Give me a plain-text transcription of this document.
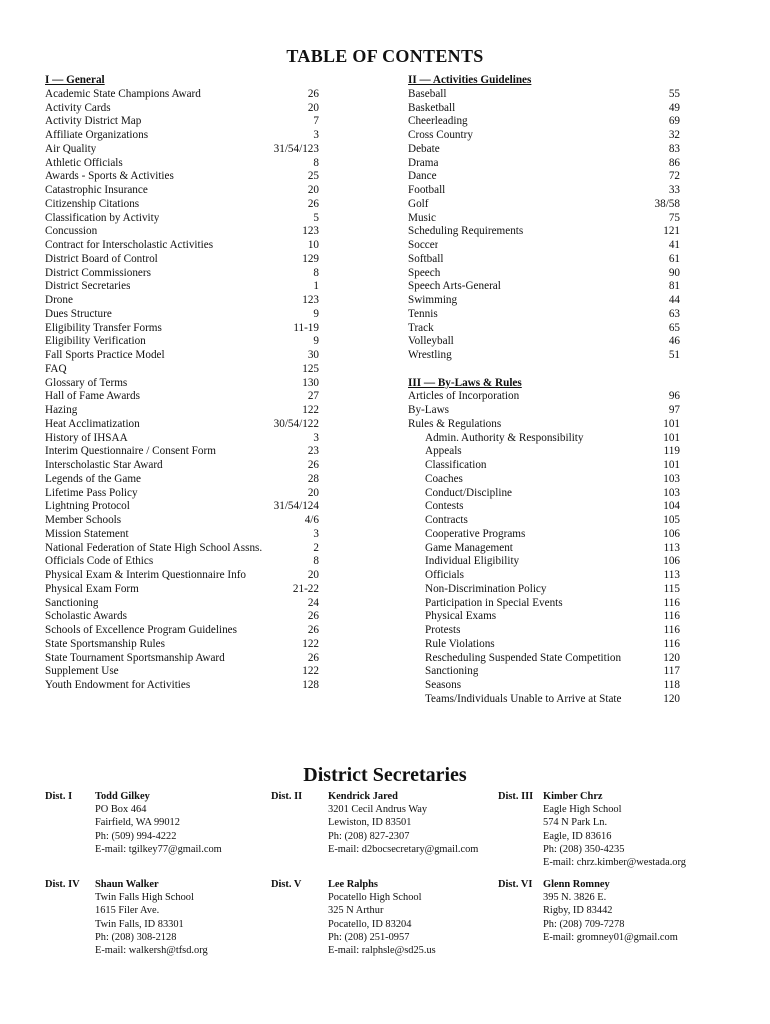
TABLE OF CONTENTS
I — General
Academic State Champions Award	26
Activity Cards	20
Activity District Map	7
Affiliate Organizations	3
Air Quality	31/54/123
Athletic Officials	8
Awards - Sports & Activities	25
Catastrophic Insurance	20
Citizenship Citations	26
Classification by Activity	5
Concussion	123
Contract for Interscholastic Activities	10
District Board of Control	129
District Commissioners	8
District Secretaries	1
Drone	123
Dues Structure	9
Eligibility Transfer Forms	11-19
Eligibility Verification	9
Fall Sports Practice Model	30
FAQ	125
Glossary of Terms	130
Hall of Fame Awards	27
Hazing	122
Heat Acclimatization	30/54/122
History of IHSAA	3
Interim Questionnaire / Consent Form	23
Interscholastic Star Award	26
Legends of the Game	28
Lifetime Pass Policy	20
Lightning Protocol	31/54/124
Member Schools	4/6
Mission Statement	3
National Federation of State High School Assns.	2
Officials Code of Ethics	8
Physical Exam & Interim Questionnaire Info	20
Physical Exam Form	21-22
Sanctioning	24
Scholastic Awards	26
Schools of Excellence Program Guidelines	26
State Sportsmanship Rules	122
State Tournament Sportsmanship Award	26
Supplement Use	122
Youth Endowment for Activities	128
II — Activities Guidelines
Baseball	55
Basketball	49
Cheerleading	69
Cross Country	32
Debate	83
Drama	86
Dance	72
Football	33
Golf	38/58
Music	75
Scheduling Requirements	121
Soccer	41
Softball	61
Speech	90
Speech Arts-General	81
Swimming	44
Tennis	63
Track	65
Volleyball	46
Wrestling	51
III — By-Laws & Rules
Articles of Incorporation	96
By-Laws	97
Rules & Regulations	101
Admin. Authority & Responsibility	101
Appeals	119
Classification	101
Coaches	103
Conduct/Discipline	103
Contests	104
Contracts	105
Cooperative Programs	106
Game Management	113
Individual Eligibility	106
Officials	113
Non-Discrimination Policy	115
Participation in Special Events	116
Physical Exams	116
Protests	116
Rule Violations	116
Rescheduling Suspended State Competition	120
Sanctioning	117
Seasons	118
Teams/Individuals Unable to Arrive at State	120
District Secretaries
Dist. I Todd Gilkey
PO Box 464
Fairfield, WA 99012
Ph: (509) 994-4222
E-mail: tgilkey77@gmail.com
Dist. II Kendrick Jared
3201 Cecil Andrus Way
Lewiston, ID 83501
Ph: (208) 827-2307
E-mail: d2bocsecretary@gmail.com
Dist. III Kimber Chrz
Eagle High School
574 N Park Ln.
Eagle, ID 83616
Ph: (208) 350-4235
E-mail: chrz.kimber@westada.org
Dist. IV Shaun Walker
Twin Falls High School
1615 Filer Ave.
Twin Falls, ID 83301
Ph: (208) 308-2128
E-mail: walkersh@tfsd.org
Dist. V	Lee Ralphs
Pocatello High School
325 N Arthur
Pocatello, ID 83204
Ph: (208) 251-0957
E-mail: ralphsle@sd25.us
Dist. VI Glenn Romney
395 N. 3826 E.
Rigby, ID 83442
Ph: (208) 709-7278
E-mail: gromney01@gmail.com
